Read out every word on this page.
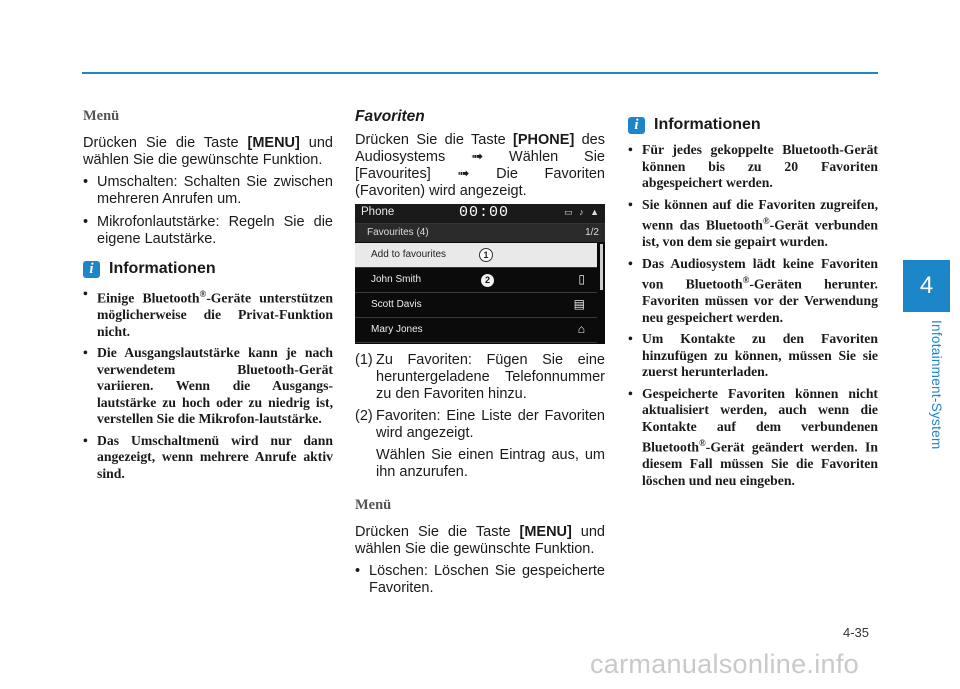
Menü
Drücken Sie die Taste [MENU] und wählen Sie die gewünschte Funktion.
• Umschalten: Schalten Sie zwischen mehreren Anrufen um.
• Mikrofonlautstärke: Regeln Sie die eigene Lautstärke.
i Informationen
• Einige Bluetooth®-Geräte unterstützen möglicherweise die Privat-Funktion nicht.
• Die Ausgangslautstärke kann je nach verwendetem Bluetooth-Gerät variieren. Wenn die Ausgangs-lautstärke zu hoch oder zu niedrig ist, verstellen Sie die Mikrofon-lautstärke.
• Das Umschaltmenü wird nur dann angezeigt, wenn mehrere Anrufe aktiv sind.
Favoriten
Drücken Sie die Taste [PHONE] des Audiosystems ➟ Wählen Sie [Favourites] ➟ Die Favoriten (Favoriten) wird angezeigt.
Phone	00:00	▭ ♪ ▲
Favourites (4)	1/2
Add to favourites
John Smith	▯
Scott Davis	▤
Mary Jones	⌂
1
2
(1) Zu Favoriten: Fügen Sie eine heruntergeladene Telefonnummer zu den Favoriten hinzu.
(2) Favoriten: Eine Liste der Favoriten wird angezeigt.
Wählen Sie einen Eintrag aus, um ihn anzurufen.
Menü
Drücken Sie die Taste [MENU] und wählen Sie die gewünschte Funktion.
• Löschen: Löschen Sie gespeicherte Favoriten.
i Informationen
• Für jedes gekoppelte Bluetooth-Gerät können bis zu 20 Favoriten abgespeichert werden.
• Sie können auf die Favoriten zugreifen, wenn das Bluetooth®-Gerät verbunden ist, von dem sie gepairt wurden.
• Das Audiosystem lädt keine Favoriten von Bluetooth®-Geräten herunter. Favoriten müssen vor der Verwendung neu gespeichert werden.
• Um Kontakte zu den Favoriten hinzufügen zu können, müssen Sie sie zuerst herunterladen.
• Gespeicherte Favoriten können nicht aktualisiert werden, auch wenn die Kontakte auf dem verbundenen Bluetooth®-Gerät geändert werden. In diesem Fall müssen Sie die Favoriten löschen und neu eingeben.
4
Infotainment-System
4-35
carmanualsonline.info
